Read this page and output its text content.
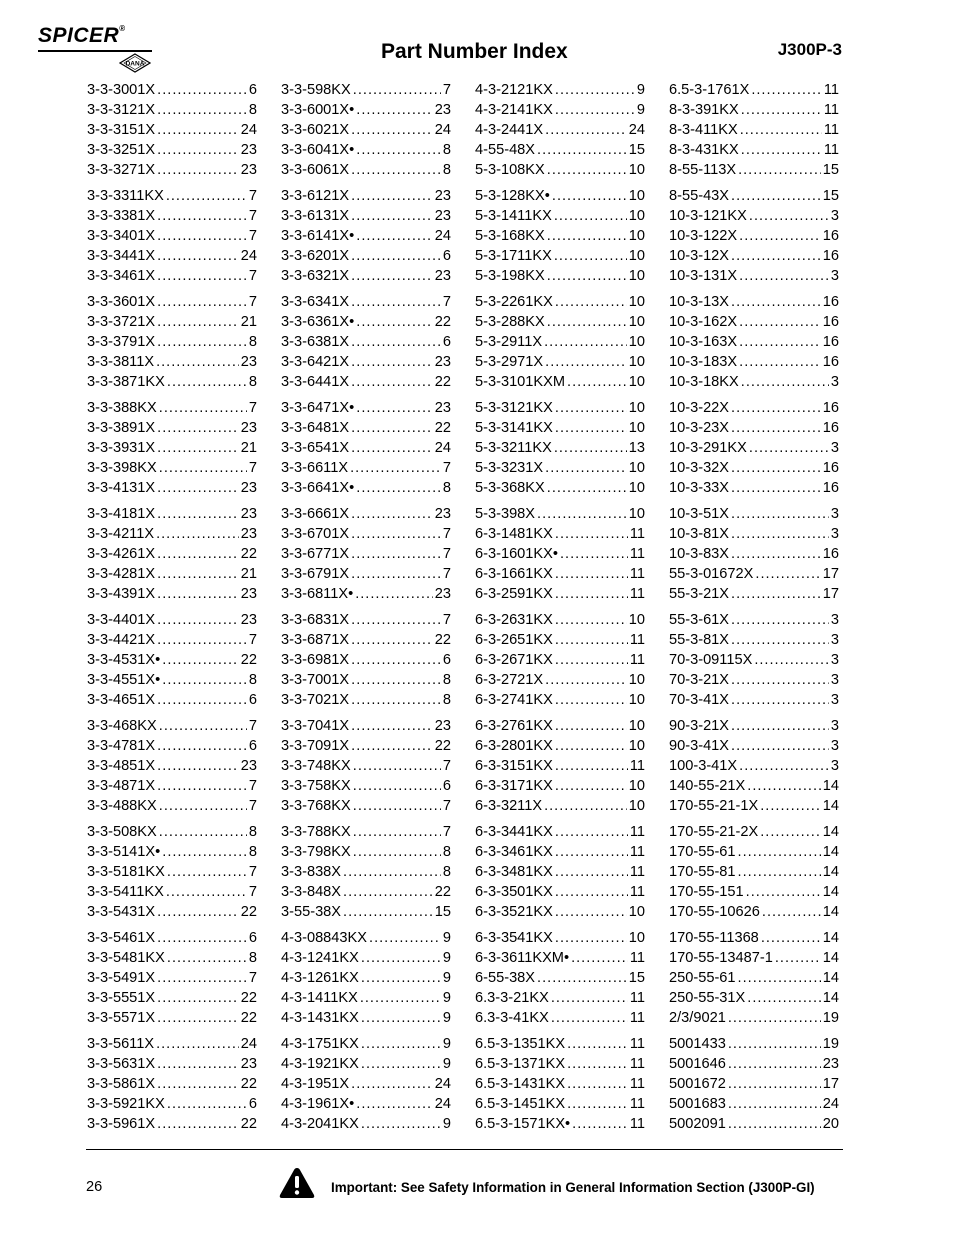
SPICER®
DANA
Part Number Index	J300P-3
3-3-3001X .....	6
3-3-3121X .....	8
3-3-3151X .....	24
3-3-3251X .....	23
3-3-3271X .....	23
3-3-3311KX .....	7
3-3-3381X .....	7
3-3-3401X .....	7
3-3-3441X .....	24
3-3-3461X .....	7
3-3-3601X .....	7
3-3-3721X .....	21
3-3-3791X .....	8
3-3-3811X .....	23
3-3-3871KX .....	8
3-3-388KX .....	7
3-3-3891X .....	23
3-3-3931X .....	21
3-3-398KX .....	7
3-3-4131X .....	23
3-3-4181X .....	23
3-3-4211X .....	23
3-3-4261X .....	22
3-3-4281X .....	21
3-3-4391X .....	23
3-3-4401X .....	23
3-3-4421X .....	7
3-3-4531X• .....	22
3-3-4551X• .....	8
3-3-4651X .....	6
3-3-468KX .....	7
3-3-4781X .....	6
3-3-4851X .....	23
3-3-4871X .....	7
3-3-488KX .....	7
3-3-508KX .....	8
3-3-5141X• .....	8
3-3-5181KX .....	7
3-3-5411KX .....	7
3-3-5431X .....	22
3-3-5461X .....	6
3-3-5481KX .....	8
3-3-5491X .....	7
3-3-5551X .....	22
3-3-5571X .....	22
3-3-5611X .....	24
3-3-5631X .....	23
3-3-5861X .....	22
3-3-5921KX .....	6
3-3-5961X .....	22
3-3-598KX .....	7
3-3-6001X• .....	23
3-3-6021X .....	24
3-3-6041X• .....	8
3-3-6061X .....	8
3-3-6121X .....	23
3-3-6131X .....	23
3-3-6141X• .....	24
3-3-6201X .....	6
3-3-6321X .....	23
3-3-6341X .....	7
3-3-6361X• .....	22
3-3-6381X .....	6
3-3-6421X .....	23
3-3-6441X .....	22
3-3-6471X• .....	23
3-3-6481X .....	22
3-3-6541X .....	24
3-3-6611X .....	7
3-3-6641X• .....	8
3-3-6661X .....	23
3-3-6701X .....	7
3-3-6771X .....	7
3-3-6791X .....	7
3-3-6811X• .....	23
3-3-6831X .....	7
3-3-6871X .....	22
3-3-6981X .....	6
3-3-7001X .....	8
3-3-7021X .....	8
3-3-7041X .....	23
3-3-7091X .....	22
3-3-748KX .....	7
3-3-758KX .....	6
3-3-768KX .....	7
3-3-788KX .....	7
3-3-798KX .....	8
3-3-838X .....	8
3-3-848X .....	22
3-55-38X .....	15
4-3-08843KX .....	9
4-3-1241KX .....	9
4-3-1261KX .....	9
4-3-1411KX .....	9
4-3-1431KX .....	9
4-3-1751KX .....	9
4-3-1921KX .....	9
4-3-1951X .....	24
4-3-1961X• .....	24
4-3-2041KX .....	9
4-3-2121KX .....	9
4-3-2141KX .....	9
4-3-2441X .....	24
4-55-48X .....	15
5-3-108KX .....	10
5-3-128KX• .....	10
5-3-1411KX .....	10
5-3-168KX .....	10
5-3-1711KX .....	10
5-3-198KX .....	10
5-3-2261KX .....	10
5-3-288KX .....	10
5-3-2911X .....	10
5-3-2971X .....	10
5-3-3101KXM .....	10
5-3-3121KX .....	10
5-3-3141KX .....	10
5-3-3211KX .....	13
5-3-3231X .....	10
5-3-368KX .....	10
5-3-398X .....	10
6-3-1481KX .....	11
6-3-1601KX• .....	11
6-3-1661KX .....	11
6-3-2591KX .....	11
6-3-2631KX .....	10
6-3-2651KX .....	11
6-3-2671KX .....	11
6-3-2721X .....	10
6-3-2741KX .....	10
6-3-2761KX .....	10
6-3-2801KX .....	10
6-3-3151KX .....	11
6-3-3171KX .....	10
6-3-3211X .....	10
6-3-3441KX .....	11
6-3-3461KX .....	11
6-3-3481KX .....	11
6-3-3501KX .....	11
6-3-3521KX .....	10
6-3-3541KX .....	10
6-3-3611KXM• .....	11
6-55-38X .....	15
6.3-3-21KX .....	11
6.3-3-41KX .....	11
6.5-3-1351KX .....	11
6.5-3-1371KX .....	11
6.5-3-1431KX .....	11
6.5-3-1451KX .....	11
6.5-3-1571KX• .....	11
6.5-3-1761X .....	11
8-3-391KX .....	11
8-3-411KX .....	11
8-3-431KX .....	11
8-55-113X .....	15
8-55-43X .....	15
10-3-121KX .....	3
10-3-122X .....	16
10-3-12X .....	16
10-3-131X .....	3
10-3-13X .....	16
10-3-162X .....	16
10-3-163X .....	16
10-3-183X .....	16
10-3-18KX .....	3
10-3-22X .....	16
10-3-23X .....	16
10-3-291KX .....	3
10-3-32X .....	16
10-3-33X .....	16
10-3-51X .....	3
10-3-81X .....	3
10-3-83X .....	16
55-3-01672X .....	17
55-3-21X .....	17
55-3-61X .....	3
55-3-81X .....	3
70-3-09115X .....	3
70-3-21X .....	3
70-3-41X .....	3
90-3-21X .....	3
90-3-41X .....	3
100-3-41X .....	3
140-55-21X .....	14
170-55-21-1X .....	14
170-55-21-2X .....	14
170-55-61 .....	14
170-55-81 .....	14
170-55-151 .....	14
170-55-10626 .....	14
170-55-11368 .....	14
170-55-13487-1 .....	14
250-55-61 .....	14
250-55-31X .....	14
2/3/9021 .....	19
5001433 .....	19
5001646 .....	23
5001672 .....	17
5001683 .....	24
5002091 .....	20
26	Important: See Safety Information in General Information Section (J300P-GI)
